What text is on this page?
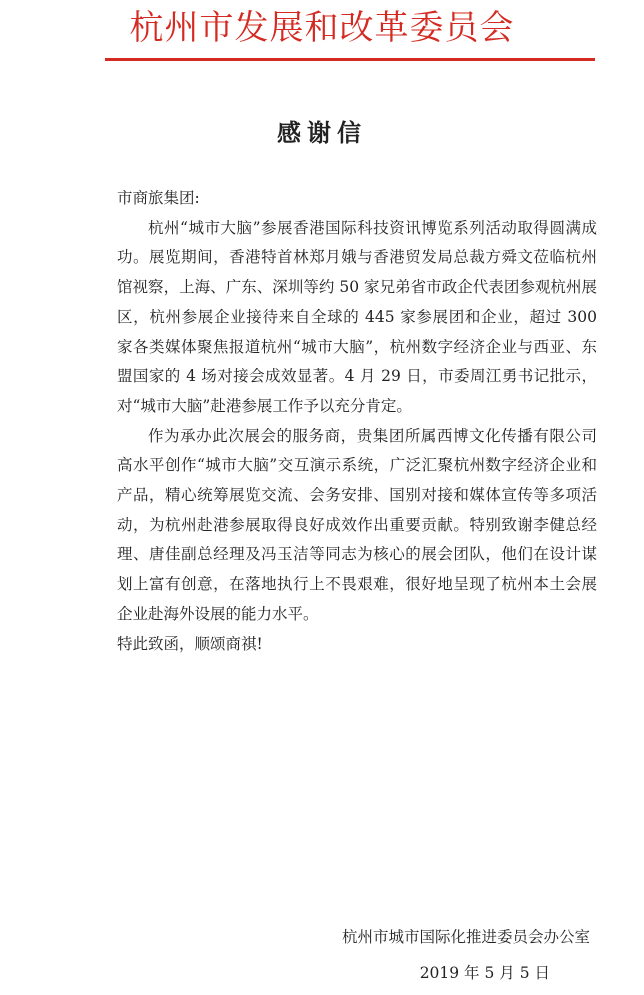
杭州市发展和改革委员会
感谢信

市商旅集团:

杭州“城市大脑”参展香港国际科技资讯博览系列活动取得圆满成功。展览期间，香港特首林郑月娥与香港贸发局总裁方舜文莅临杭州馆视察，上海、广东、深圳等约 50 家兄弟省市政企代表团参观杭州展区，杭州参展企业接待来自全球的 445 家参展团和企业，超过 300 家各类媒体聚焦报道杭州“城市大脑”，杭州数字经济企业与西亚、东盟国家的 4 场对接会成效显著。4 月 29 日，市委周江勇书记批示，对“城市大脑”赴港参展工作予以充分肯定。

作为承办此次展会的服务商，贵集团所属西博文化传播有限公司高水平创作“城市大脑”交互演示系统，广泛汇聚杭州数字经济企业和产品，精心统筹展览交流、会务安排、国别对接和媒体宣传等多项活动，为杭州赴港参展取得良好成效作出重要贡献。特别致谢李健总经理、唐佳副总经理及冯玉洁等同志为核心的展会团队，他们在设计谋划上富有创意，在落地执行上不畏艰难，很好地呈现了杭州本土会展企业赴海外设展的能力水平。

特此致函，顺颂商祺!

杭州市城市国际化推进委员会办公室
2019 年 5 月 5 日
